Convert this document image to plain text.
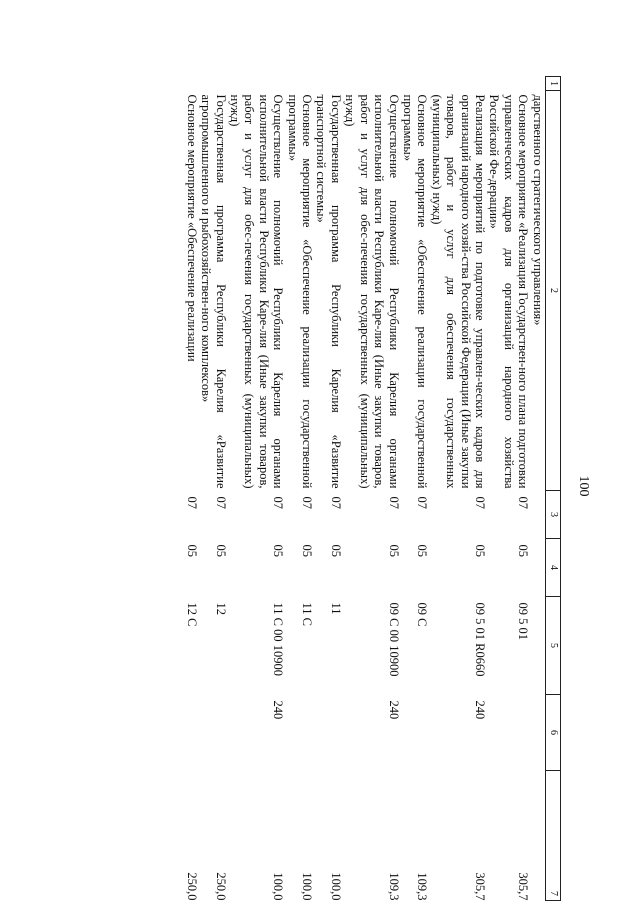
100
1	2	3	4	5	6	7
	дарственного стратегического управления»					
	Основное мероприятие «Реализация Государствен-ного плана подготовки управленческих кадров для организаций народного хозяйства Российской Фе-дерации»	07	05	09 5 01		305,7
	Реализация мероприятий по подготовке управлен-ческих кадров для организаций народного хозяй-ства Российской Федерации (Иные закупки товаров, работ и услуг для обеспечения государственных (муниципальных) нужд)	07	05	09 5 01 R0660	240	305,7
	Основное мероприятие «Обеспечение реализации государственной программы»	07	05	09 С		109,3
	Осуществление полномочий Республики Карелия органами исполнительной власти Республики Каре-лия (Иные закупки товаров, работ и услуг для обес-печения государственных (муниципальных) нужд)	07	05	09 С 00 10900	240	109,3
	Государственная программа Республики Карелия «Развитие транспортной системы»	07	05	11		100,0
	Основное мероприятие «Обеспечение реализации государственной программы»	07	05	11 С		100,0
	Осуществление полномочий Республики Карелия органами исполнительной власти Республики Каре-лия (Иные закупки товаров, работ и услуг для обес-печения государственных (муниципальных) нужд)	07	05	11 С 00 10900	240	100,0
	Государственная программа Республики Карелия «Развитие агропромышленного и рыбохозяйствен-ного комплексов»	07	05	12		250,0
	Основное мероприятие «Обеспечение реализации	07	05	12 С		250,0
